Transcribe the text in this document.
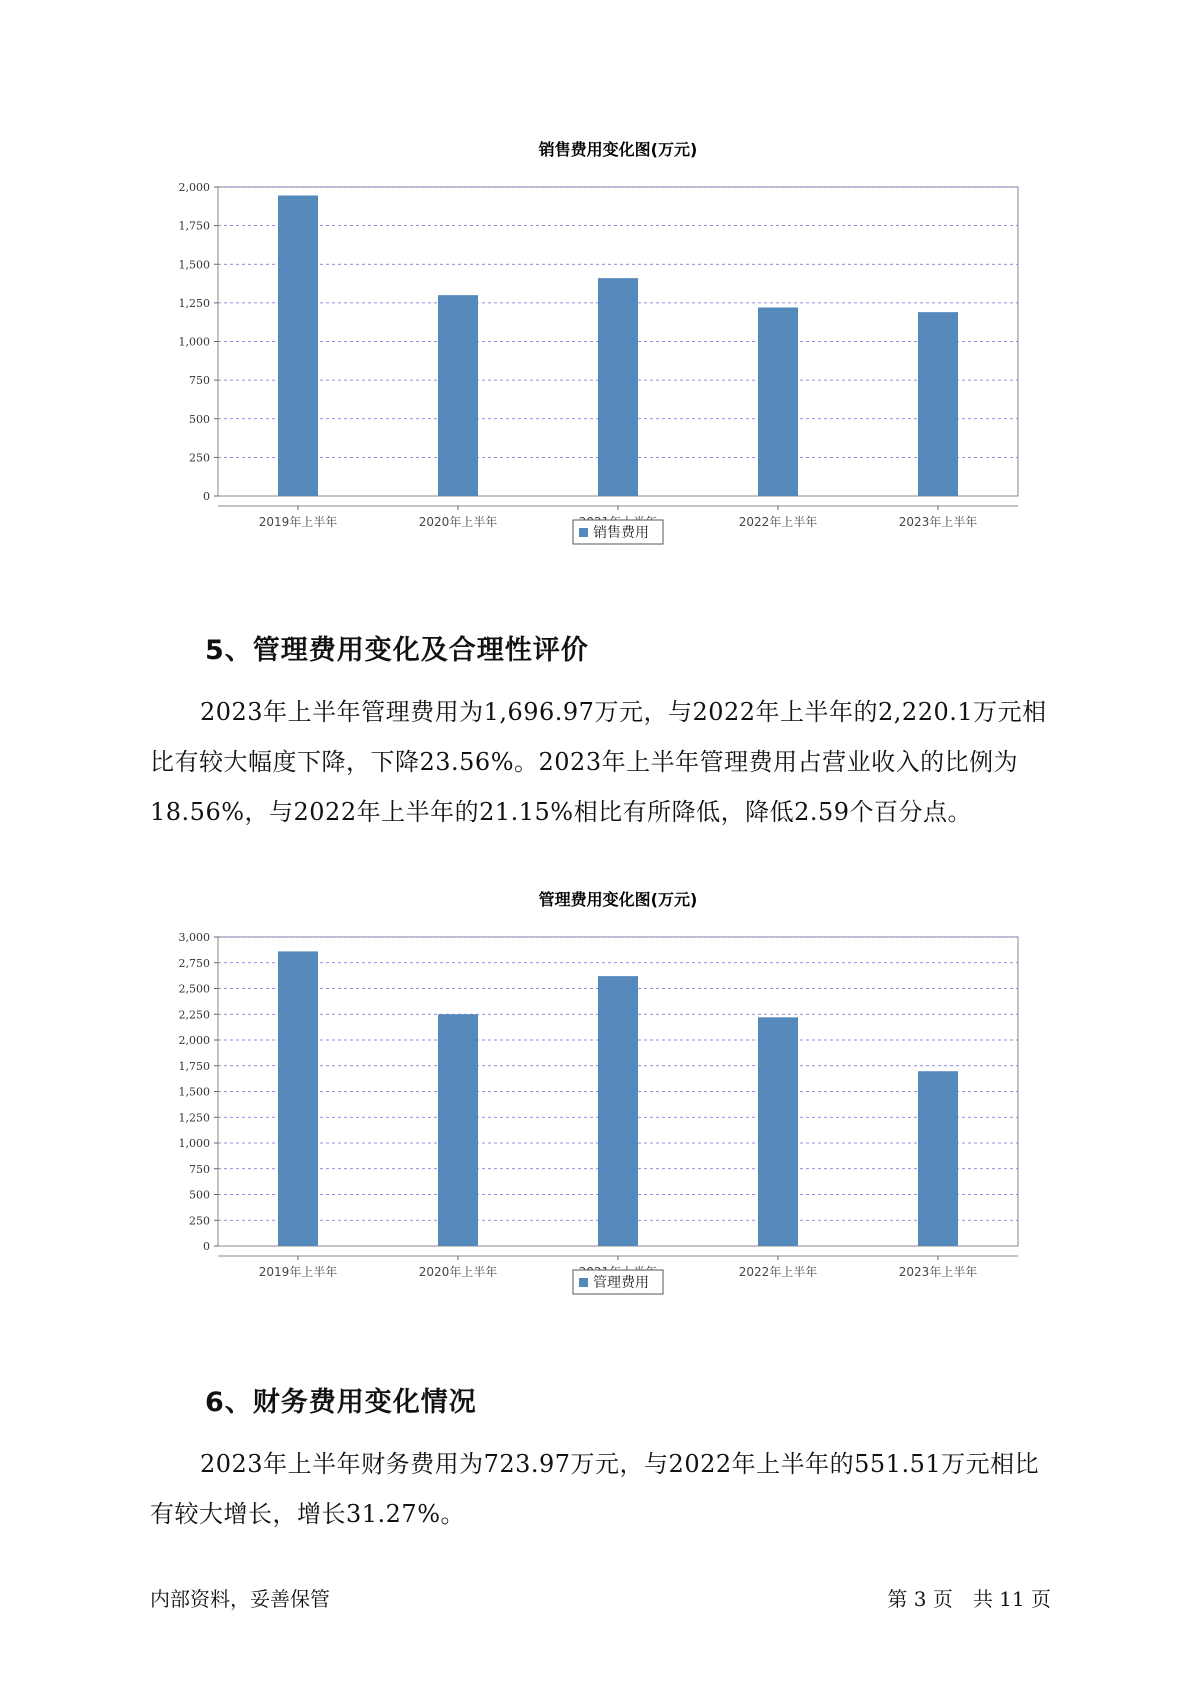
销售费用变化图(万元)
0
250
500
750
1,000
1,250
1,500
1,750
2,000
2019年上半年	2020年上半年	2022年上半年	2023年上半年
销售费用
5、管理费用变化及合理性评价

2023年上半年管理费用为1,696.97万元，与2022年上半年的2,220.1万元相比有较大幅度下降，下降23.56%。2023年上半年管理费用占营业收入的比例为18.56%，与2022年上半年的21.15%相比有所降低，降低2.59个百分点。

管理费用变化图(万元)
0
250
500
750
1,000
1,250
1,500
1,750
2,000
2,250
2,500
2,750
3,000
2019年上半年	2020年上半年	2022年上半年	2023年上半年
管理费用
6、财务费用变化情况

2023年上半年财务费用为723.97万元，与2022年上半年的551.51万元相比有较大增长，增长31.27%。

内部资料，妥善保管	第 3 页　共 11 页
